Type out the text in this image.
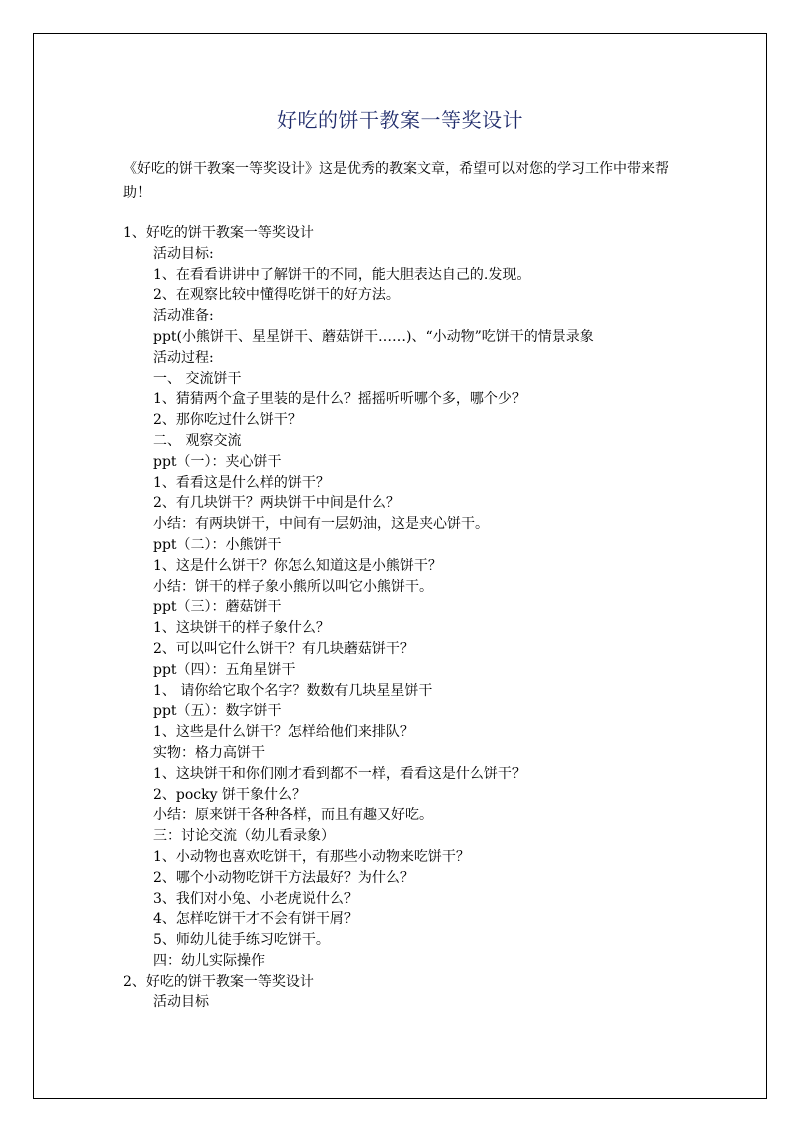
好吃的饼干教案一等奖设计

《好吃的饼干教案一等奖设计》这是优秀的教案文章，希望可以对您的学习工作中带来帮助！

1、好吃的饼干教案一等奖设计
活动目标:
1、在看看讲讲中了解饼干的不同，能大胆表达自己的.发现。
2、在观察比较中懂得吃饼干的好方法。
活动准备:
ppt(小熊饼干、星星饼干、蘑菇饼干……)、“小动物”吃饼干的情景录象
活动过程:
一、 交流饼干
1、猜猜两个盒子里装的是什么？摇摇听听哪个多，哪个少？
2、那你吃过什么饼干？
二、 观察交流
ppt（一）：夹心饼干
1、看看这是什么样的饼干？
2、有几块饼干？两块饼干中间是什么？
小结：有两块饼干，中间有一层奶油，这是夹心饼干。
ppt（二）：小熊饼干
1、这是什么饼干？你怎么知道这是小熊饼干？
小结：饼干的样子象小熊所以叫它小熊饼干。
ppt（三）：蘑菇饼干
1、这块饼干的样子象什么？
2、可以叫它什么饼干？有几块蘑菇饼干？
ppt（四）：五角星饼干
1、 请你给它取个名字？数数有几块星星饼干
ppt（五）：数字饼干
1、这些是什么饼干？怎样给他们来排队？
实物：格力高饼干
1、这块饼干和你们刚才看到都不一样，看看这是什么饼干？
2、pocky 饼干象什么？
小结：原来饼干各种各样，而且有趣又好吃。
三：讨论交流（幼儿看录象）
1、小动物也喜欢吃饼干，有那些小动物来吃饼干？
2、哪个小动物吃饼干方法最好？为什么？
3、我们对小兔、小老虎说什么？
4、怎样吃饼干才不会有饼干屑？
5、师幼儿徒手练习吃饼干。
四：幼儿实际操作
2、好吃的饼干教案一等奖设计
活动目标
